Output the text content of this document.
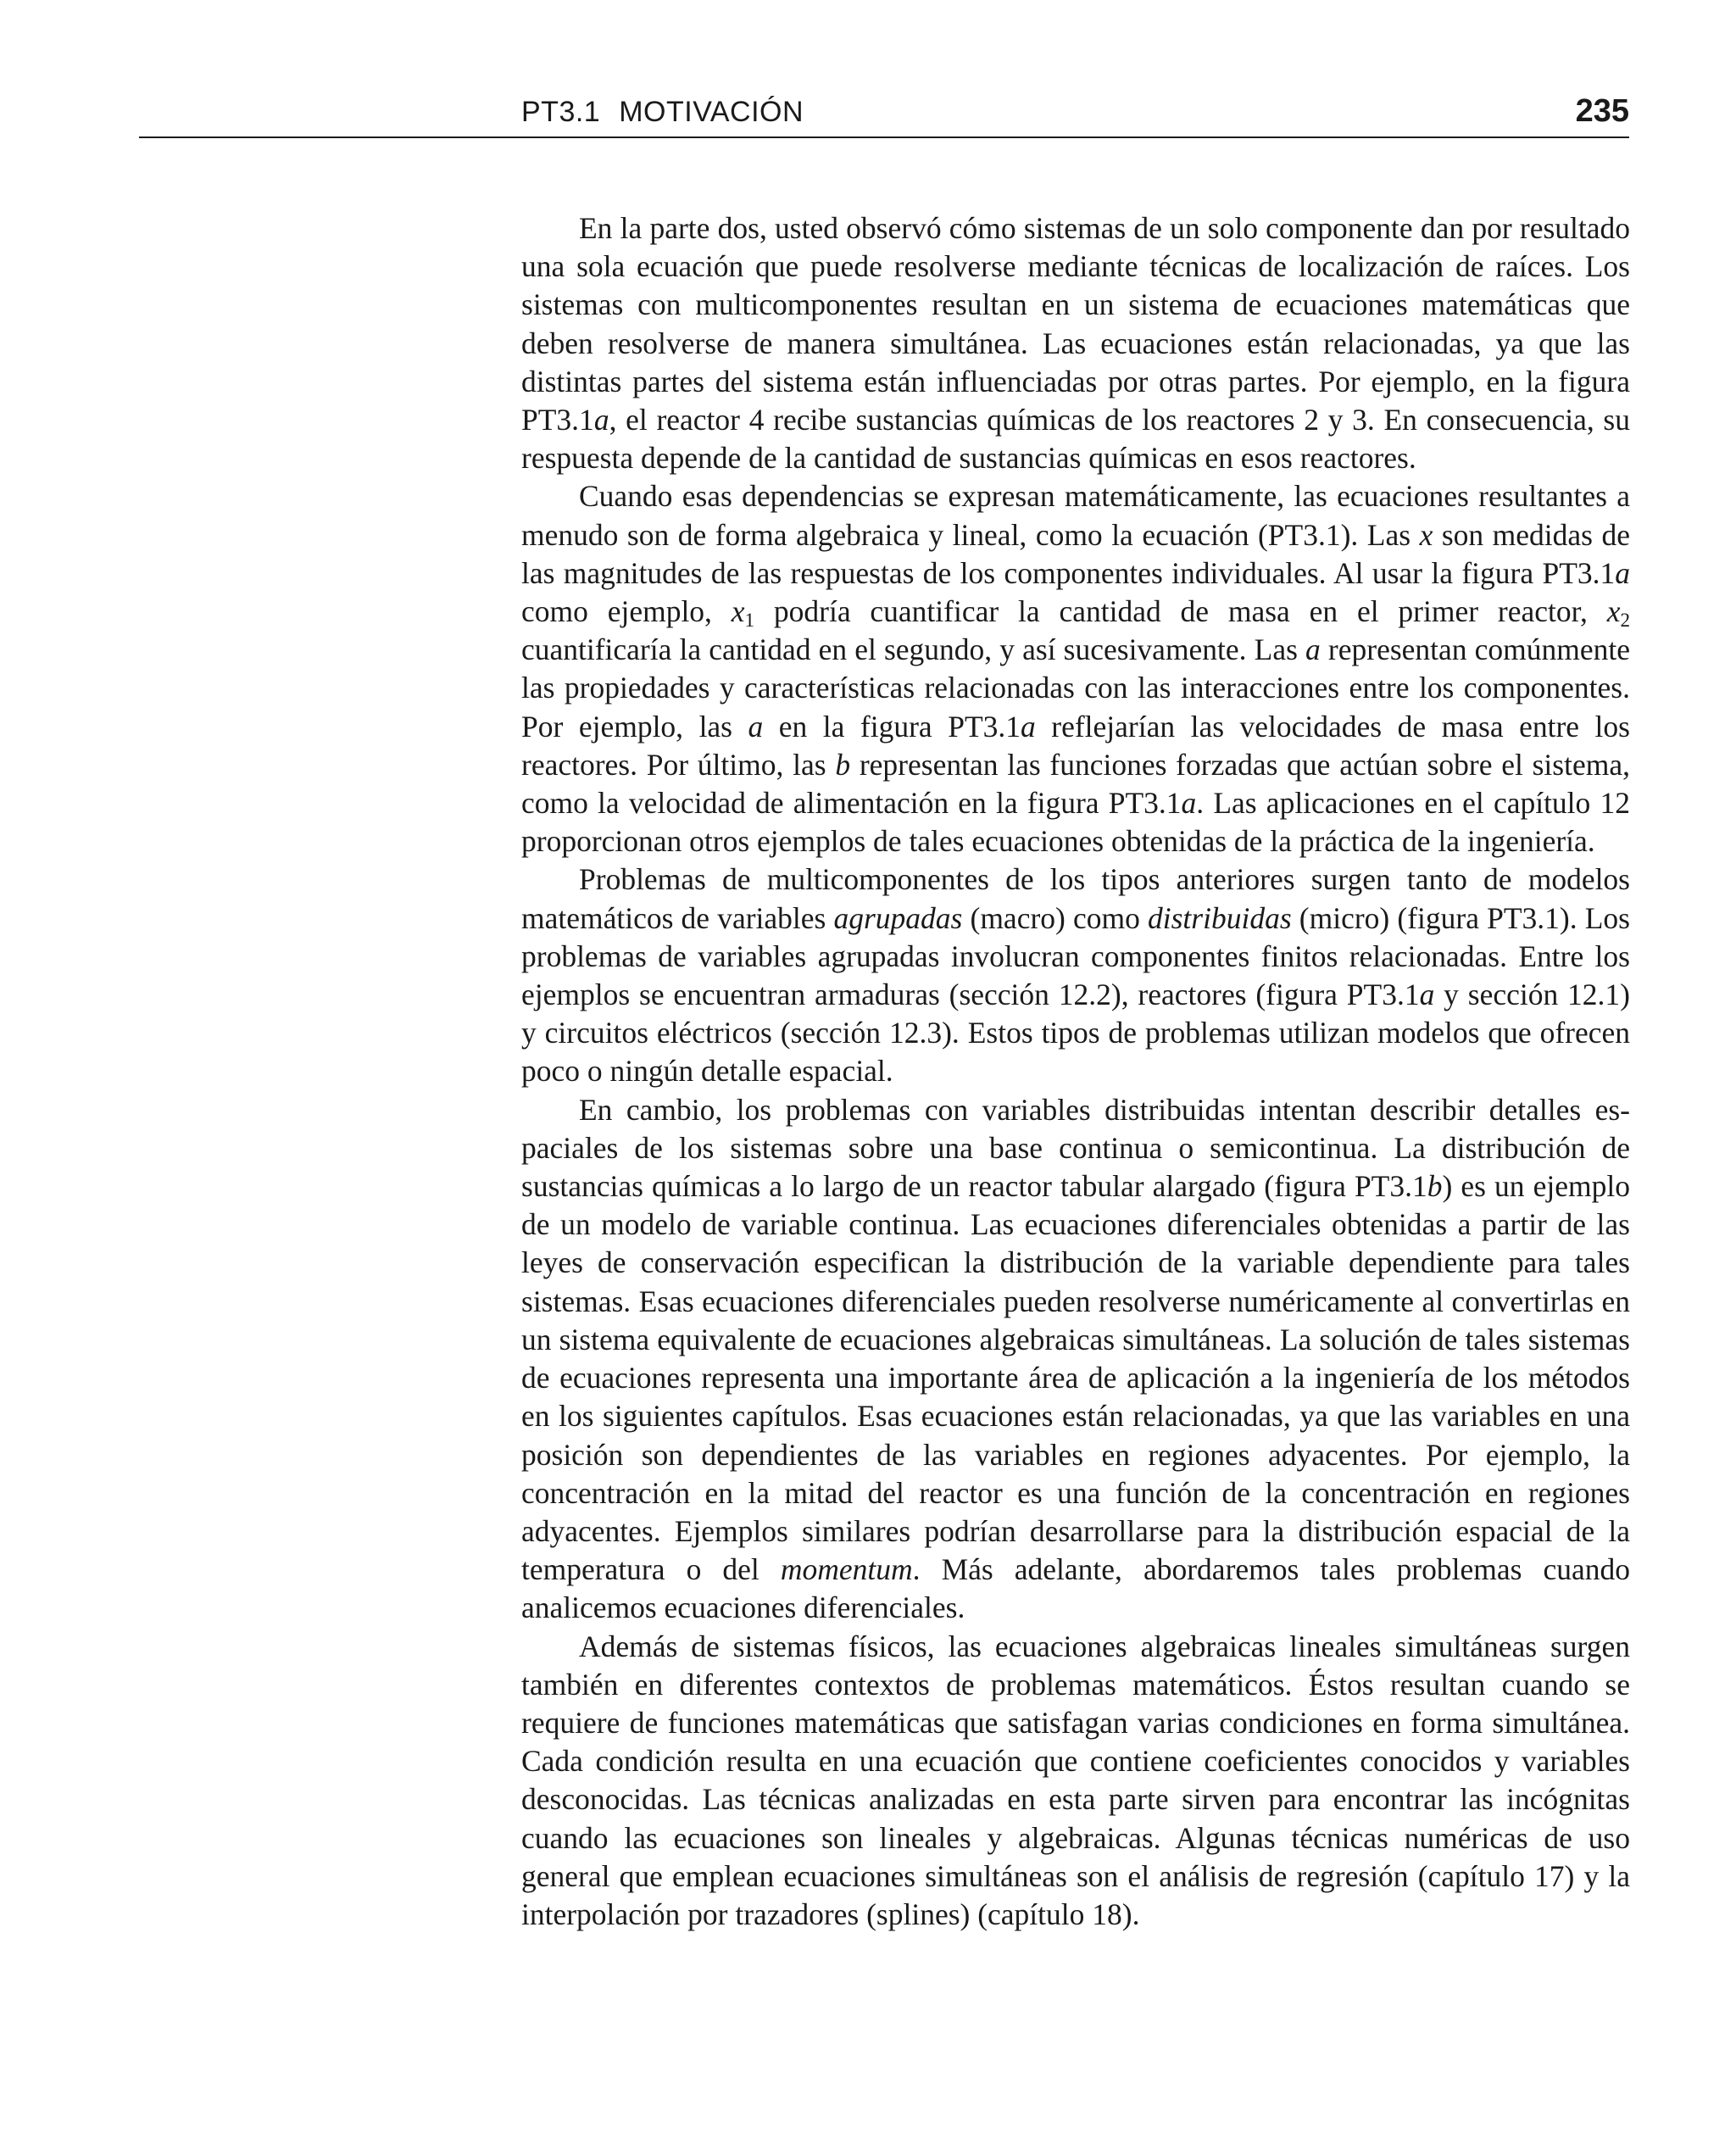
PT3.1 MOTIVACIÓN	235

En la parte dos, usted observó cómo sistemas de un solo componente dan por resultado una sola ecuación que puede resolverse mediante técnicas de localización de raíces. Los sistemas con multicomponentes resultan en un sistema de ecuaciones matemáticas que deben resolverse de manera simultánea. Las ecuaciones están relacionadas, ya que las distintas partes del sistema están influenciadas por otras partes. Por ejemplo, en la figura PT3.1a, el reactor 4 recibe sustancias químicas de los reactores 2 y 3. En consecuencia, su respuesta depende de la cantidad de sustancias químicas en esos reactores.

Cuando esas dependencias se expresan matemáticamente, las ecuaciones resultantes a menudo son de forma algebraica y lineal, como la ecuación (PT3.1). Las x son medidas de las magnitudes de las respuestas de los componentes individuales. Al usar la figura PT3.1a como ejemplo, $x_1$ podría cuantificar la cantidad de masa en el primer reactor, $x_2$ cuantificaría la cantidad en el segundo, y así sucesivamente. Las a representan comúnmente las propiedades y características relacionadas con las interacciones entre los componentes. Por ejemplo, las a en la figura PT3.1a reflejarían las velocidades de masa entre los reactores. Por último, las b representan las funciones forzadas que actúan sobre el sistema, como la velocidad de alimentación en la figura PT3.1a. Las aplicaciones en el capítulo 12 proporcionan otros ejemplos de tales ecuaciones obtenidas de la práctica de la ingeniería.

Problemas de multicomponentes de los tipos anteriores surgen tanto de modelos matemáticos de variables agrupadas (macro) como distribuidas (micro) (figura PT3.1). Los problemas de variables agrupadas involucran componentes finitos relacionadas. Entre los ejemplos se encuentran armaduras (sección 12.2), reactores (figura PT3.1a y sección 12.1) y circuitos eléctricos (sección 12.3). Estos tipos de problemas utilizan modelos que ofrecen poco o ningún detalle espacial.

En cambio, los problemas con variables distribuidas intentan describir detalles espaciales de los sistemas sobre una base continua o semicontinua. La distribución de sustancias químicas a lo largo de un reactor tabular alargado (figura PT3.1b) es un ejemplo de un modelo de variable continua. Las ecuaciones diferenciales obtenidas a partir de las leyes de conservación especifican la distribución de la variable dependiente para tales sistemas. Esas ecuaciones diferenciales pueden resolverse numéricamente al convertirlas en un sistema equivalente de ecuaciones algebraicas simultáneas. La solución de tales sistemas de ecuaciones representa una importante área de aplicación a la ingeniería de los métodos en los siguientes capítulos. Esas ecuaciones están relacionadas, ya que las variables en una posición son dependientes de las variables en regiones adyacentes. Por ejemplo, la concentración en la mitad del reactor es una función de la concentración en regiones adyacentes. Ejemplos similares podrían desarrollarse para la distribución espacial de la temperatura o del momentum. Más adelante, abordaremos tales problemas cuando analicemos ecuaciones diferenciales.

Además de sistemas físicos, las ecuaciones algebraicas lineales simultáneas surgen también en diferentes contextos de problemas matemáticos. Éstos resultan cuando se requiere de funciones matemáticas que satisfagan varias condiciones en forma simultánea. Cada condición resulta en una ecuación que contiene coeficientes conocidos y variables desconocidas. Las técnicas analizadas en esta parte sirven para encontrar las incógnitas cuando las ecuaciones son lineales y algebraicas. Algunas técnicas numéricas de uso general que emplean ecuaciones simultáneas son el análisis de regresión (capítulo 17) y la interpolación por trazadores (splines) (capítulo 18).
